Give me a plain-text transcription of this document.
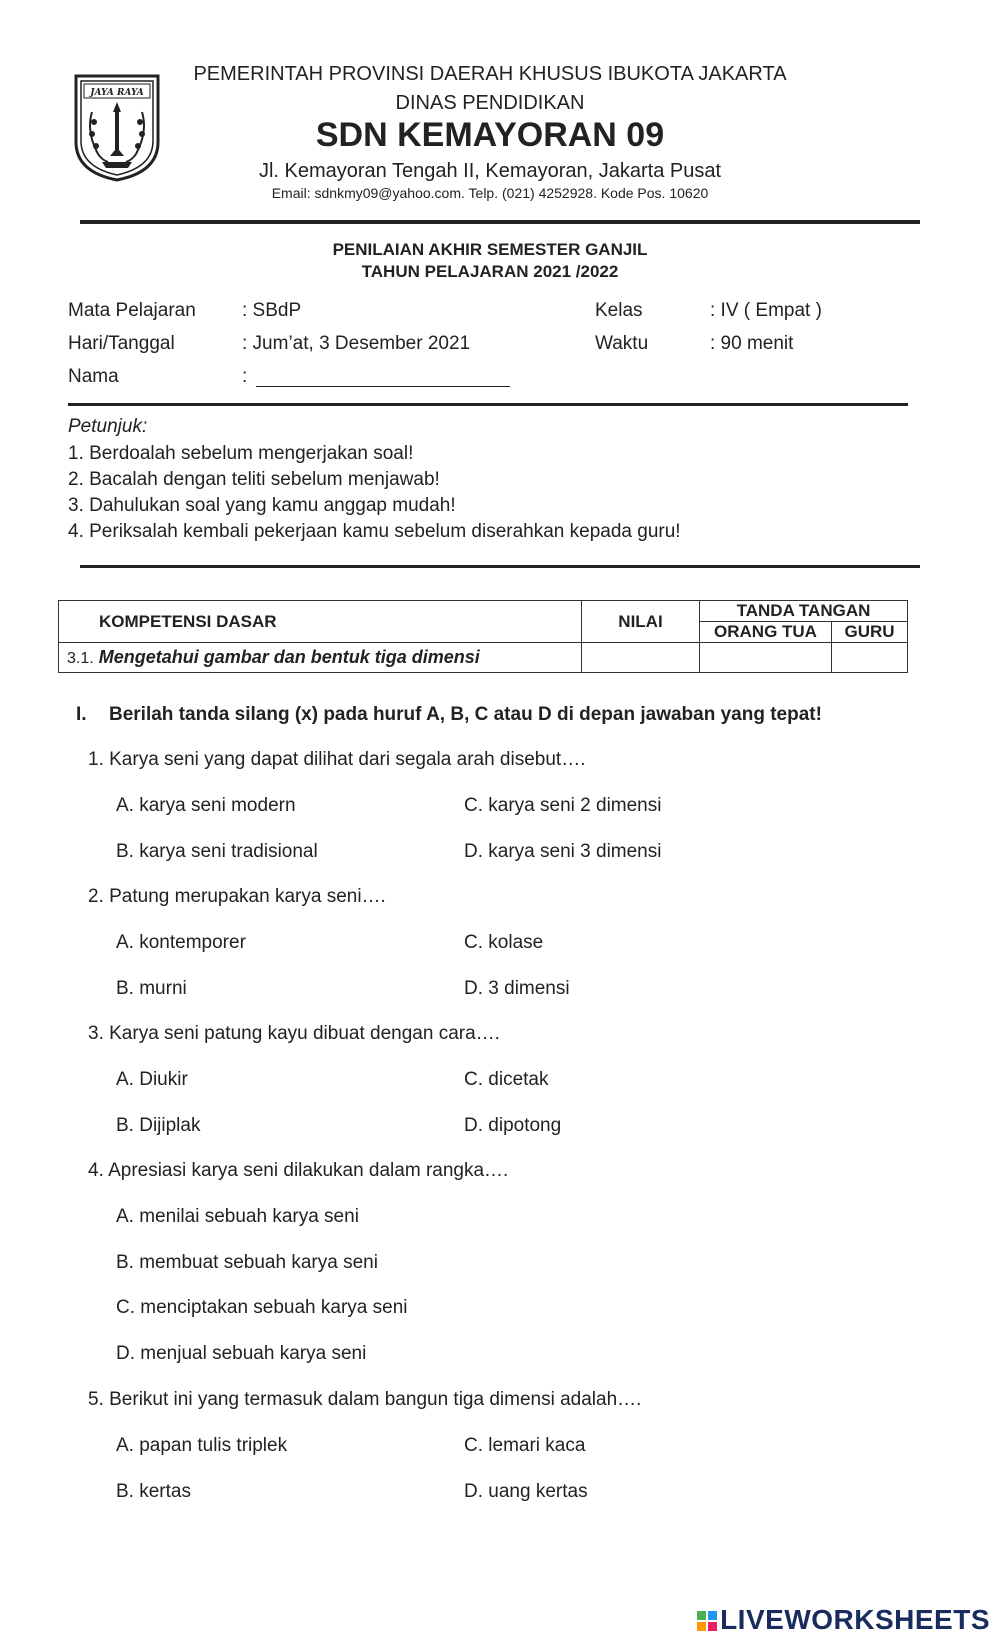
JAYA RAYA
PEMERINTAH PROVINSI DAERAH KHUSUS IBUKOTA JAKARTA
DINAS PENDIDIKAN
SDN KEMAYORAN 09
Jl. Kemayoran Tengah II, Kemayoran, Jakarta Pusat
Email: sdnkmy09@yahoo.com. Telp. (021) 4252928. Kode Pos. 10620
PENILAIAN AKHIR SEMESTER GANJIL
TAHUN PELAJARAN 2021 /2022
Mata Pelajaran : SBdP	Kelas	: IV ( Empat )
Hari/Tanggal	: Jum’at, 3 Desember 2021	Waktu	: 90 menit
Nama	:
Petunjuk:
1. Berdoalah sebelum mengerjakan soal!
2. Bacalah dengan teliti sebelum menjawab!
3. Dahulukan soal yang kamu anggap mudah!
4. Periksalah kembali pekerjaan kamu sebelum diserahkan kepada guru!
KOMPETENSI DASAR	NILAI	TANDA TANGAN	
		ORANG TUA	GURU
3.1. Mengetahui gambar dan bentuk tiga dimensi			
I. Berilah tanda silang (x) pada huruf A, B, C atau D di depan jawaban yang tepat!
1. Karya seni yang dapat dilihat dari segala arah disebut….
A. karya seni modern	C. karya seni 2 dimensi
B. karya seni tradisional	D. karya seni 3 dimensi
2. Patung merupakan karya seni….
A. kontemporer	C. kolase
B. murni	D. 3 dimensi
3. Karya seni patung kayu dibuat dengan cara….
A. Diukir	C. dicetak
B. Dijiplak	D. dipotong
4. Apresiasi karya seni dilakukan dalam rangka….
A. menilai sebuah karya seni
B. membuat sebuah karya seni
C. menciptakan sebuah karya seni
D. menjual sebuah karya seni
5. Berikut ini yang termasuk dalam bangun tiga dimensi adalah….
A. papan tulis triplek	C. lemari kaca
B. kertas	D. uang kertas
LIVEWORKSHEETS
